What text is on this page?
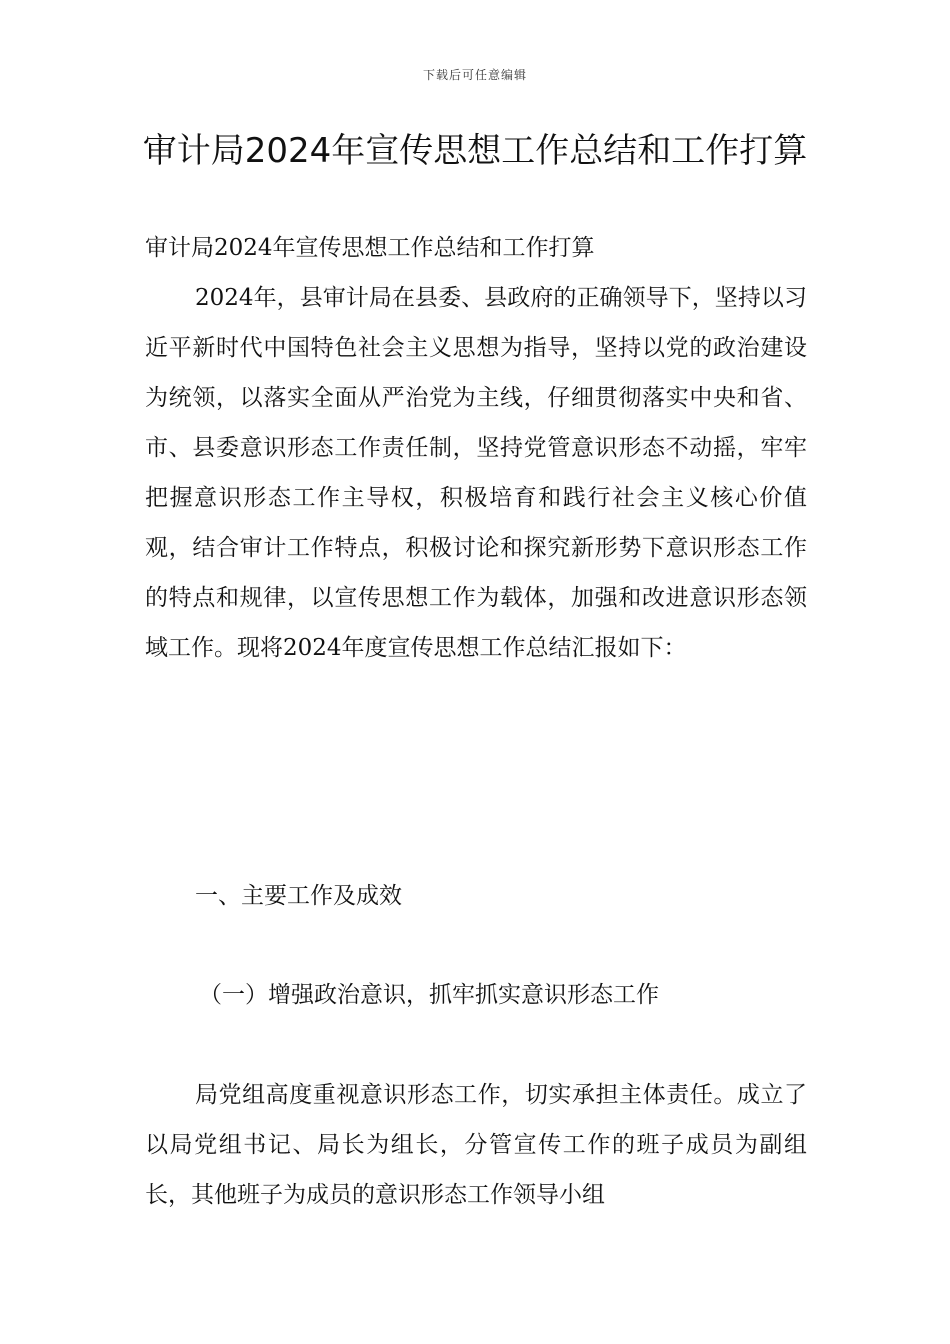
下载后可任意编辑
审计局2024年宣传思想工作总结和工作打算

审计局2024年宣传思想工作总结和工作打算

2024年，县审计局在县委、县政府的正确领导下，坚持以习近平新时代中国特色社会主义思想为指导，坚持以党的政治建设为统领，以落实全面从严治党为主线，仔细贯彻落实中央和省、市、县委意识形态工作责任制，坚持党管意识形态不动摇，牢牢把握意识形态工作主导权，积极培育和践行社会主义核心价值观，结合审计工作特点，积极讨论和探究新形势下意识形态工作的特点和规律，以宣传思想工作为载体，加强和改进意识形态领域工作。现将2024年度宣传思想工作总结汇报如下：

一、主要工作及成效

（一）增强政治意识，抓牢抓实意识形态工作

局党组高度重视意识形态工作，切实承担主体责任。成立了以局党组书记、局长为组长，分管宣传工作的班子成员为副组长，其他班子为成员的意识形态工作领导小组
